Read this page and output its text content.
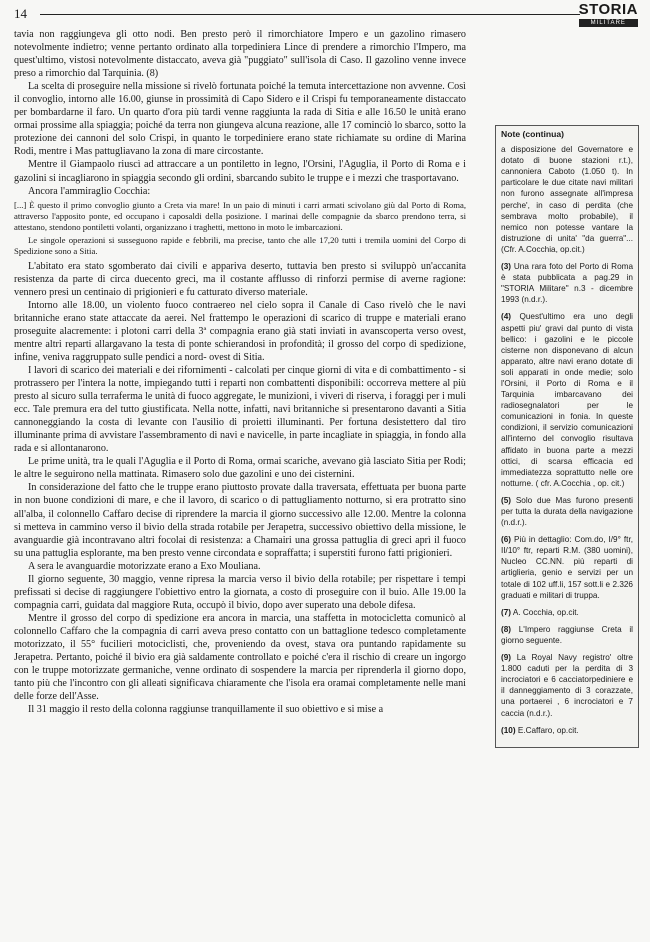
14	STORIA
MILITARE

tavia non raggiungeva gli otto nodi. Ben presto però il rimorchiatore Impero e un gazolino rimasero notevolmente indietro; venne pertanto ordinato alla torpediniera Lince di prendere a rimorchio l'Impero, ma quest'ultimo, vistosi notevolmente distaccato, aveva già "puggiato" sull'isola di Caso. Il gazolino venne invece preso a rimorchio dal Tarquinia. (8)

La scelta di proseguire nella missione si rivelò fortunata poiché la temuta intercettazione non avvenne. Così il convoglio, intorno alle 16.00, giunse in prossimità di Capo Sidero e il Crispi fu temporaneamente distaccato per bombardarne il faro. Un quarto d'ora più tardi venne raggiunta la rada di Sitia e alle 16.50 le unità erano ormai prossime alla spiaggia; poiché da terra non giungeva alcuna reazione, alle 17 cominciò lo sbarco, sotto la protezione dei cannoni del solo Crispi, in quanto le torpediniere erano state richiamate su ordine di Marina Rodi, mentre i Mas pattugliavano la zona di mare circostante.

Mentre il Giampaolo riuscì ad attraccare a un pontiletto in legno, l'Orsini, l'Aguglia, il Porto di Roma e i gazolini si incagliarono in spiaggia secondo gli ordini, sbarcando subito le truppe e i mezzi che trasportavano.

Ancora l'ammiraglio Cocchia:

[...] È questo il primo convoglio giunto a Creta via mare! In un paio di minuti i carri armati scivolano giù dal Porto di Roma, attraverso l'apposito ponte, ed occupano i caposaldi della posizione. I marinai delle compagnie da sbarco prendono terra, si attestano, stendono pontiletti volanti, organizzano i traghetti, mettono in moto le imbarcazioni.

Le singole operazioni si susseguono rapide e febbrili, ma precise, tanto che alle 17,20 tutti i tremila uomini del Corpo di Spedizione sono a Sitia.

L'abitato era stato sgomberato dai civili e appariva deserto, tuttavia ben presto si sviluppò un'accanita resistenza da parte di circa duecento greci, ma il costante afflusso di rinforzi permise di averne ragione: vennero presi un centinaio di prigionieri e fu catturato diverso materiale.

Intorno alle 18.00, un violento fuoco contraereo nel cielo sopra il Canale di Caso rivelò che le navi britanniche erano state attaccate da aerei. Nel frattempo le operazioni di scarico di truppe e materiali erano proseguite alacremente: i plotoni carri della 3ª compagnia erano già stati inviati in avanscoperta verso ovest, mentre altri reparti allargavano la testa di ponte schierandosi in profondità; il grosso del corpo di spedizione, infine, veniva raggruppato sulle pendici a nord- ovest di Sitia.

I lavori di scarico dei materiali e dei rifornimenti - calcolati per cinque giorni di vita e di combattimento - si protrassero per l'intera la notte, impiegando tutti i reparti non combattenti disponibili: occorreva mettere al più presto al sicuro sulla terraferma le unità di fuoco aggregate, le munizioni, i viveri di riserva, i foraggi per i muli ecc. Tale premura era del tutto giustificata. Nella notte, infatti, navi britanniche si presentarono davanti a Sitia cannoneggiando la costa di levante con l'ausilio di proietti illuminanti. Per fortuna desistettero dal tiro illuminante prima di avvistare l'assembramento di navi e navicelle, in parte incagliate in spiaggia, in fondo alla rada e si allontanarono.

Le prime unità, tra le quali l'Aguglia e il Porto di Roma, ormai scariche, avevano già lasciato Sitia per Rodi; le altre le seguirono nella mattinata. Rimasero solo due gazolini e uno dei cisternini.

In considerazione del fatto che le truppe erano piuttosto provate dalla traversata, effettuata per buona parte in non buone condizioni di mare, e che il lavoro, di scarico o di pattugliamento notturno, si era protratto sino all'alba, il colonnello Caffaro decise di riprendere la marcia il giorno successivo alle 12.00. Mentre la colonna si metteva in cammino verso il bivio della strada rotabile per Jerapetra, successivo obiettivo della missione, le avanguardie già incontravano altri focolai di resistenza: a Chamairi una grossa pattuglia di greci aprì il fuoco su una pattuglia esplorante, ma ben presto venne circondata e sopraffatta; i superstiti furono fatti prigionieri.

A sera le avanguardie motorizzate erano a Exo Mouliana.

Il giorno seguente, 30 maggio, venne ripresa la marcia verso il bivio della rotabile; per rispettare i tempi prefissati si decise di raggiungere l'obiettivo entro la giornata, a costo di proseguire con il buio. Alle 19.00 la compagnia carri, guidata dal maggiore Ruta, occupò il bivio, dopo aver superato una debole difesa.

Mentre il grosso del corpo di spedizione era ancora in marcia, una staffetta in motocicletta comunicò al colonnello Caffaro che la compagnia di carri aveva preso contatto con un battaglione tedesco completamente motorizzato, il 55° fucilieri motociclisti, che, proveniendo da ovest, stava ora puntando rapidamente su Jerapetra. Pertanto, poiché il bivio era già saldamente controllato e poiché c'era il rischio di creare un ingorgo con le truppe motorizzate germaniche, venne ordinato di sospendere la marcia per riprenderla il giorno dopo, tanto più che l'incontro con gli alleati significava chiaramente che l'isola era oramai completamente nelle mani delle forze dell'Asse.

Il 31 maggio il resto della colonna raggiunse tranquillamente il suo obiettivo e si mise a

Note (continua)
a disposizione del Governatore e dotato di buone stazioni r.t.), cannoniera Caboto (1.050 t). In particolare le due citate navi militari non furono assegnate all'impresa perche', in caso di perdita (che sembrava molto probabile), il nemico non potesse vantare la distruzione di unita' "da guerra"...(Cfr. A.Cocchia, op.cit.)
(3) Una rara foto del Porto di Roma è stata pubblicata a pag.29 in "STORIA Militare" n.3 - dicembre 1993 (n.d.r.).
(4) Quest'ultimo era uno degli aspetti piu' gravi dal punto di vista bellico: i gazolini e le piccole cisterne non disponevano di alcun apparato, altre navi erano dotate di soli apparati in onde medie; solo l'Orsini, il Porto di Roma e il Tarquinia imbarcavano dei radiosegnalatori per le comunicazioni in fonia. In queste condizioni, il servizio comunicazioni all'interno del convoglio risultava affidato in buona parte a mezzi ottici, di scarsa efficacia ed immediatezza soprattutto nelle ore notturne. ( cfr. A.Cocchia , op. cit.)
(5) Solo due Mas furono presenti per tutta la durata della navigazione (n.d.r.).
(6) Più in dettaglio: Com.do, I/9° ftr, II/10° ftr, reparti R.M. (380 uomini), Nucleo CC.NN. più reparti di artiglieria, genio e servizi per un totale di 102 uff.li, 157 sott.li e 2.326 graduati e militari di truppa.
(7) A. Cocchia, op.cit.
(8) L'Impero raggiunse Creta il giorno seguente.
(9) La Royal Navy registro' oltre 1.800 caduti per la perdita di 3 incrociatori e 6 cacciatorpediniere e il danneggiamento di 3 corazzate, una portaerei , 6 incrociatori e 7 caccia (n.d.r.).
(10) E.Caffaro, op.cit.
